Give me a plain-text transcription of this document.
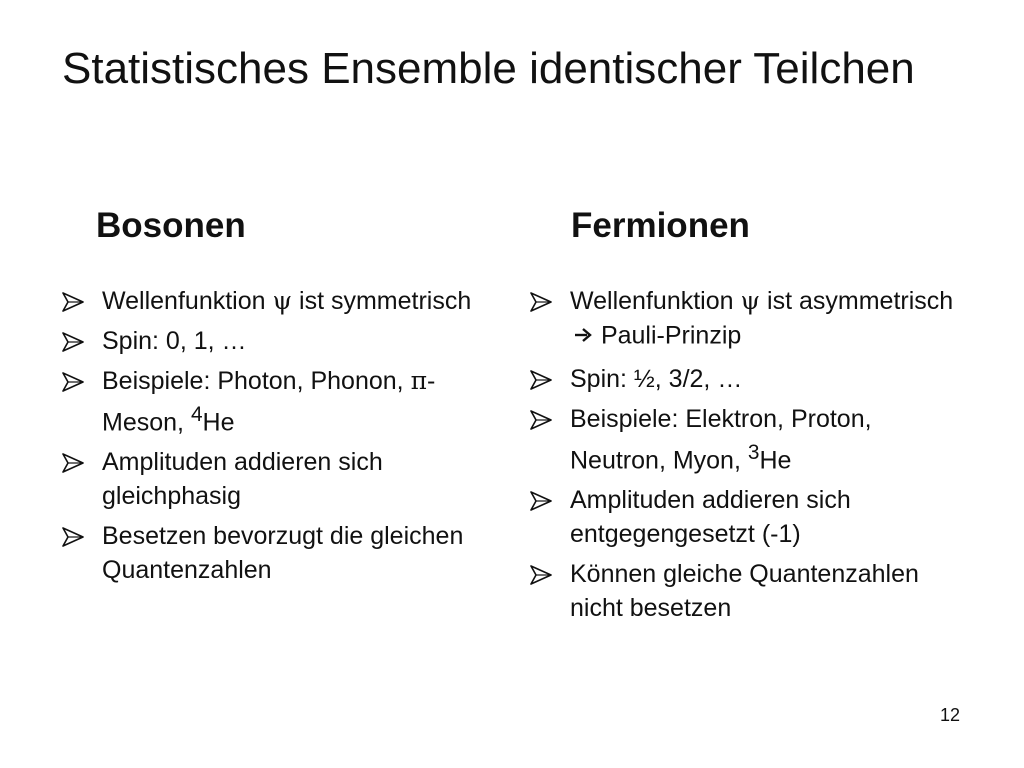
Statistisches Ensemble identischer Teilchen
Bosonen	Fermionen
Wellenfunktion ψ ist symmetrisch
Spin: 0, 1, …
Beispiele: Photon, Phonon, π-Meson, $^4$He
Amplituden addieren sich gleichphasig
Besetzen bevorzugt die gleichen Quantenzahlen
Wellenfunktion ψ ist asymmetrisch Pauli-Prinzip
Spin: ½, 3/2, …
Beispiele: Elektron, Proton, Neutron, Myon, $^3$He
Amplituden addieren sich entgegengesetzt (-1)
Können gleiche Quantenzahlen nicht besetzen
12
